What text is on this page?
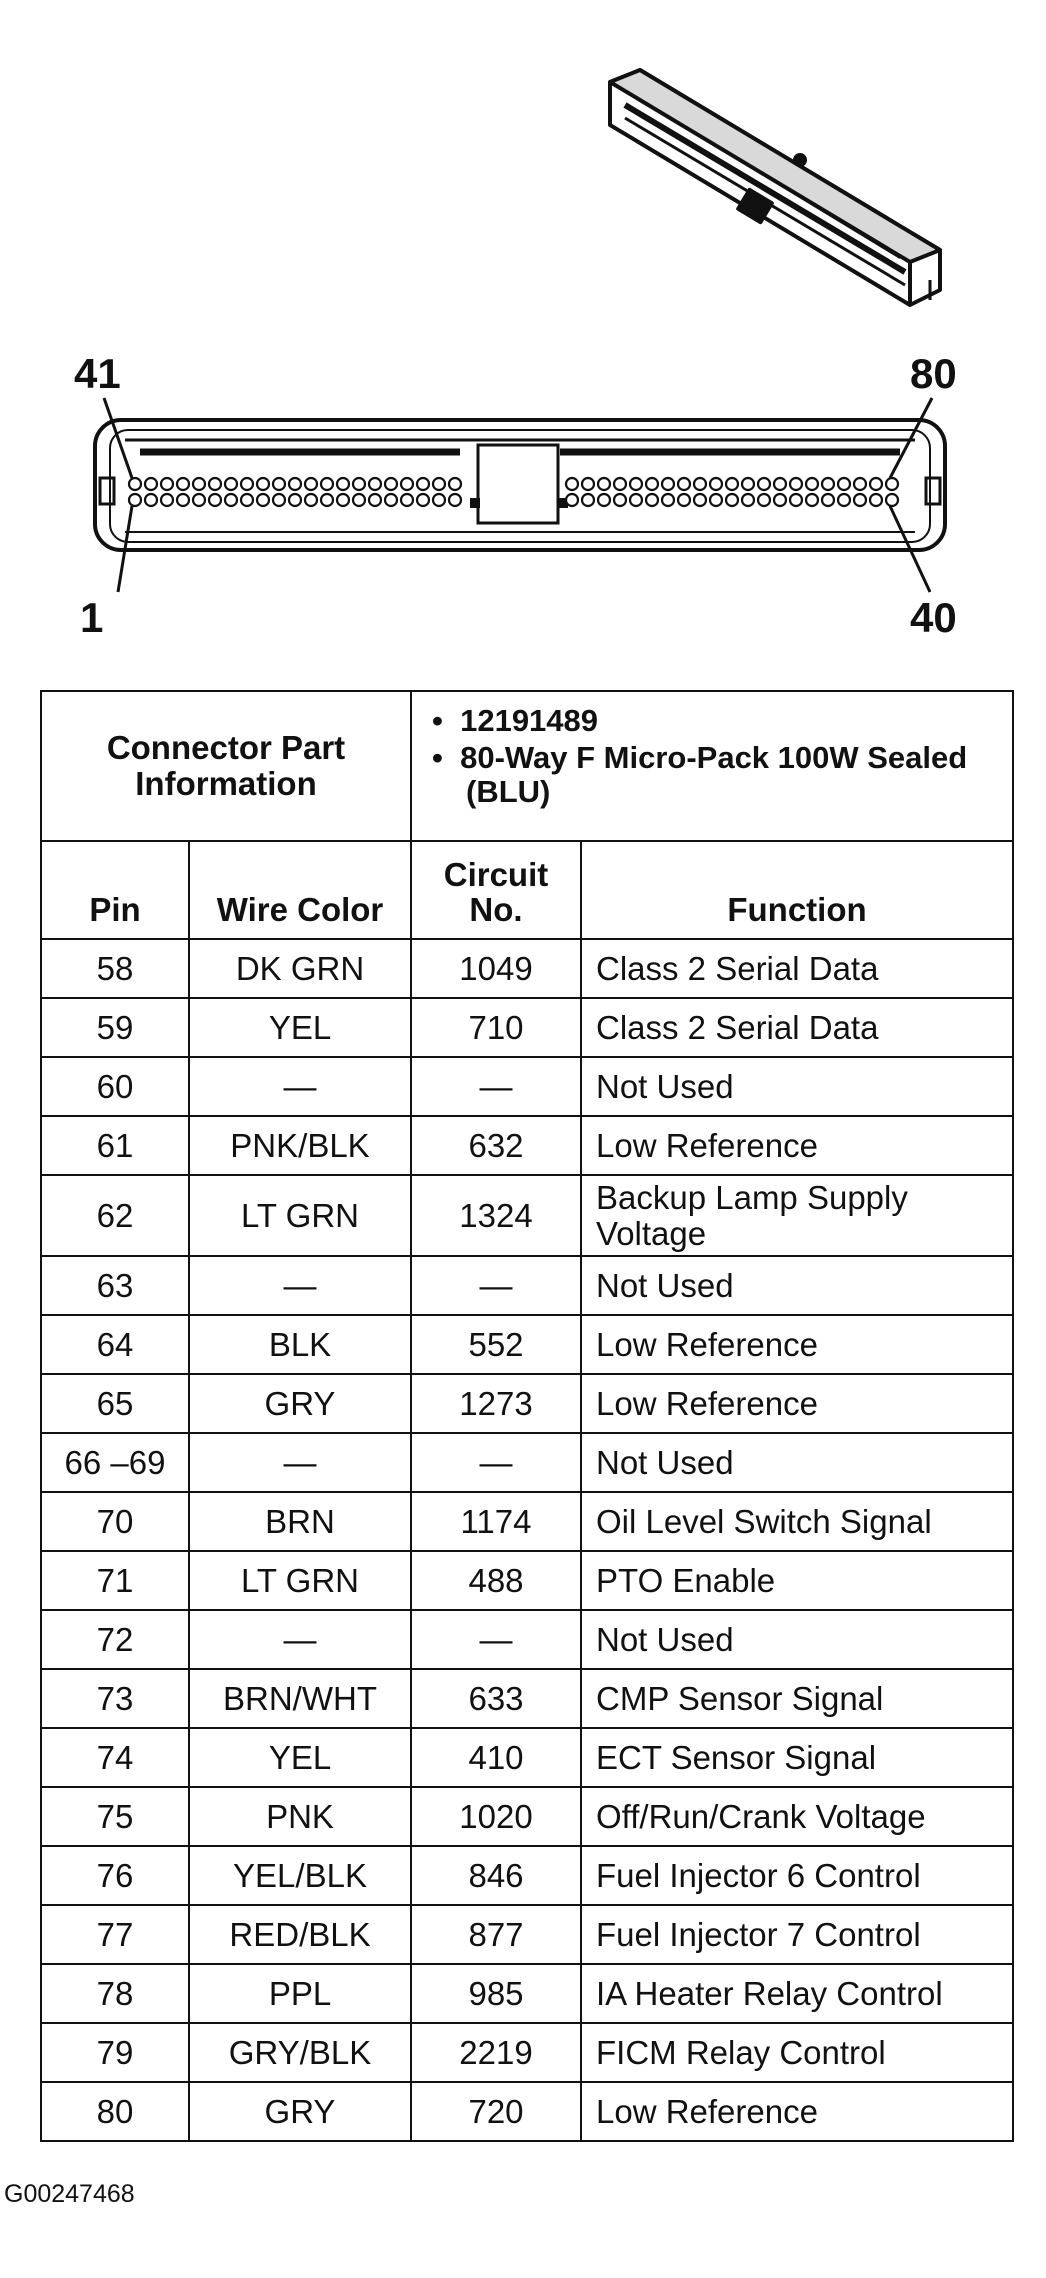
41	80
1	40
Connector Part Information		• 12191489
• 80-Way F Micro-Pack 100W Sealed (BLU)	

Pin	Wire Color	Circuit No.	Function
58	DK GRN	1049	Class 2 Serial Data
59	YEL	710	Class 2 Serial Data
60	—	—	Not Used
61	PNK/BLK	632	Low Reference
62	LT GRN	1324	Backup Lamp Supply Voltage
63	—	—	Not Used
64	BLK	552	Low Reference
65	GRY	1273	Low Reference
66 –69	—	—	Not Used
70	BRN	1174	Oil Level Switch Signal
71	LT GRN	488	PTO Enable
72	—	—	Not Used
73	BRN/WHT	633	CMP Sensor Signal
74	YEL	410	ECT Sensor Signal
75	PNK	1020	Off/Run/Crank Voltage
76	YEL/BLK	846	Fuel Injector 6 Control
77	RED/BLK	877	Fuel Injector 7 Control
78	PPL	985	IA Heater Relay Control
79	GRY/BLK	2219	FICM Relay Control
80	GRY	720	Low Reference
G00247468
